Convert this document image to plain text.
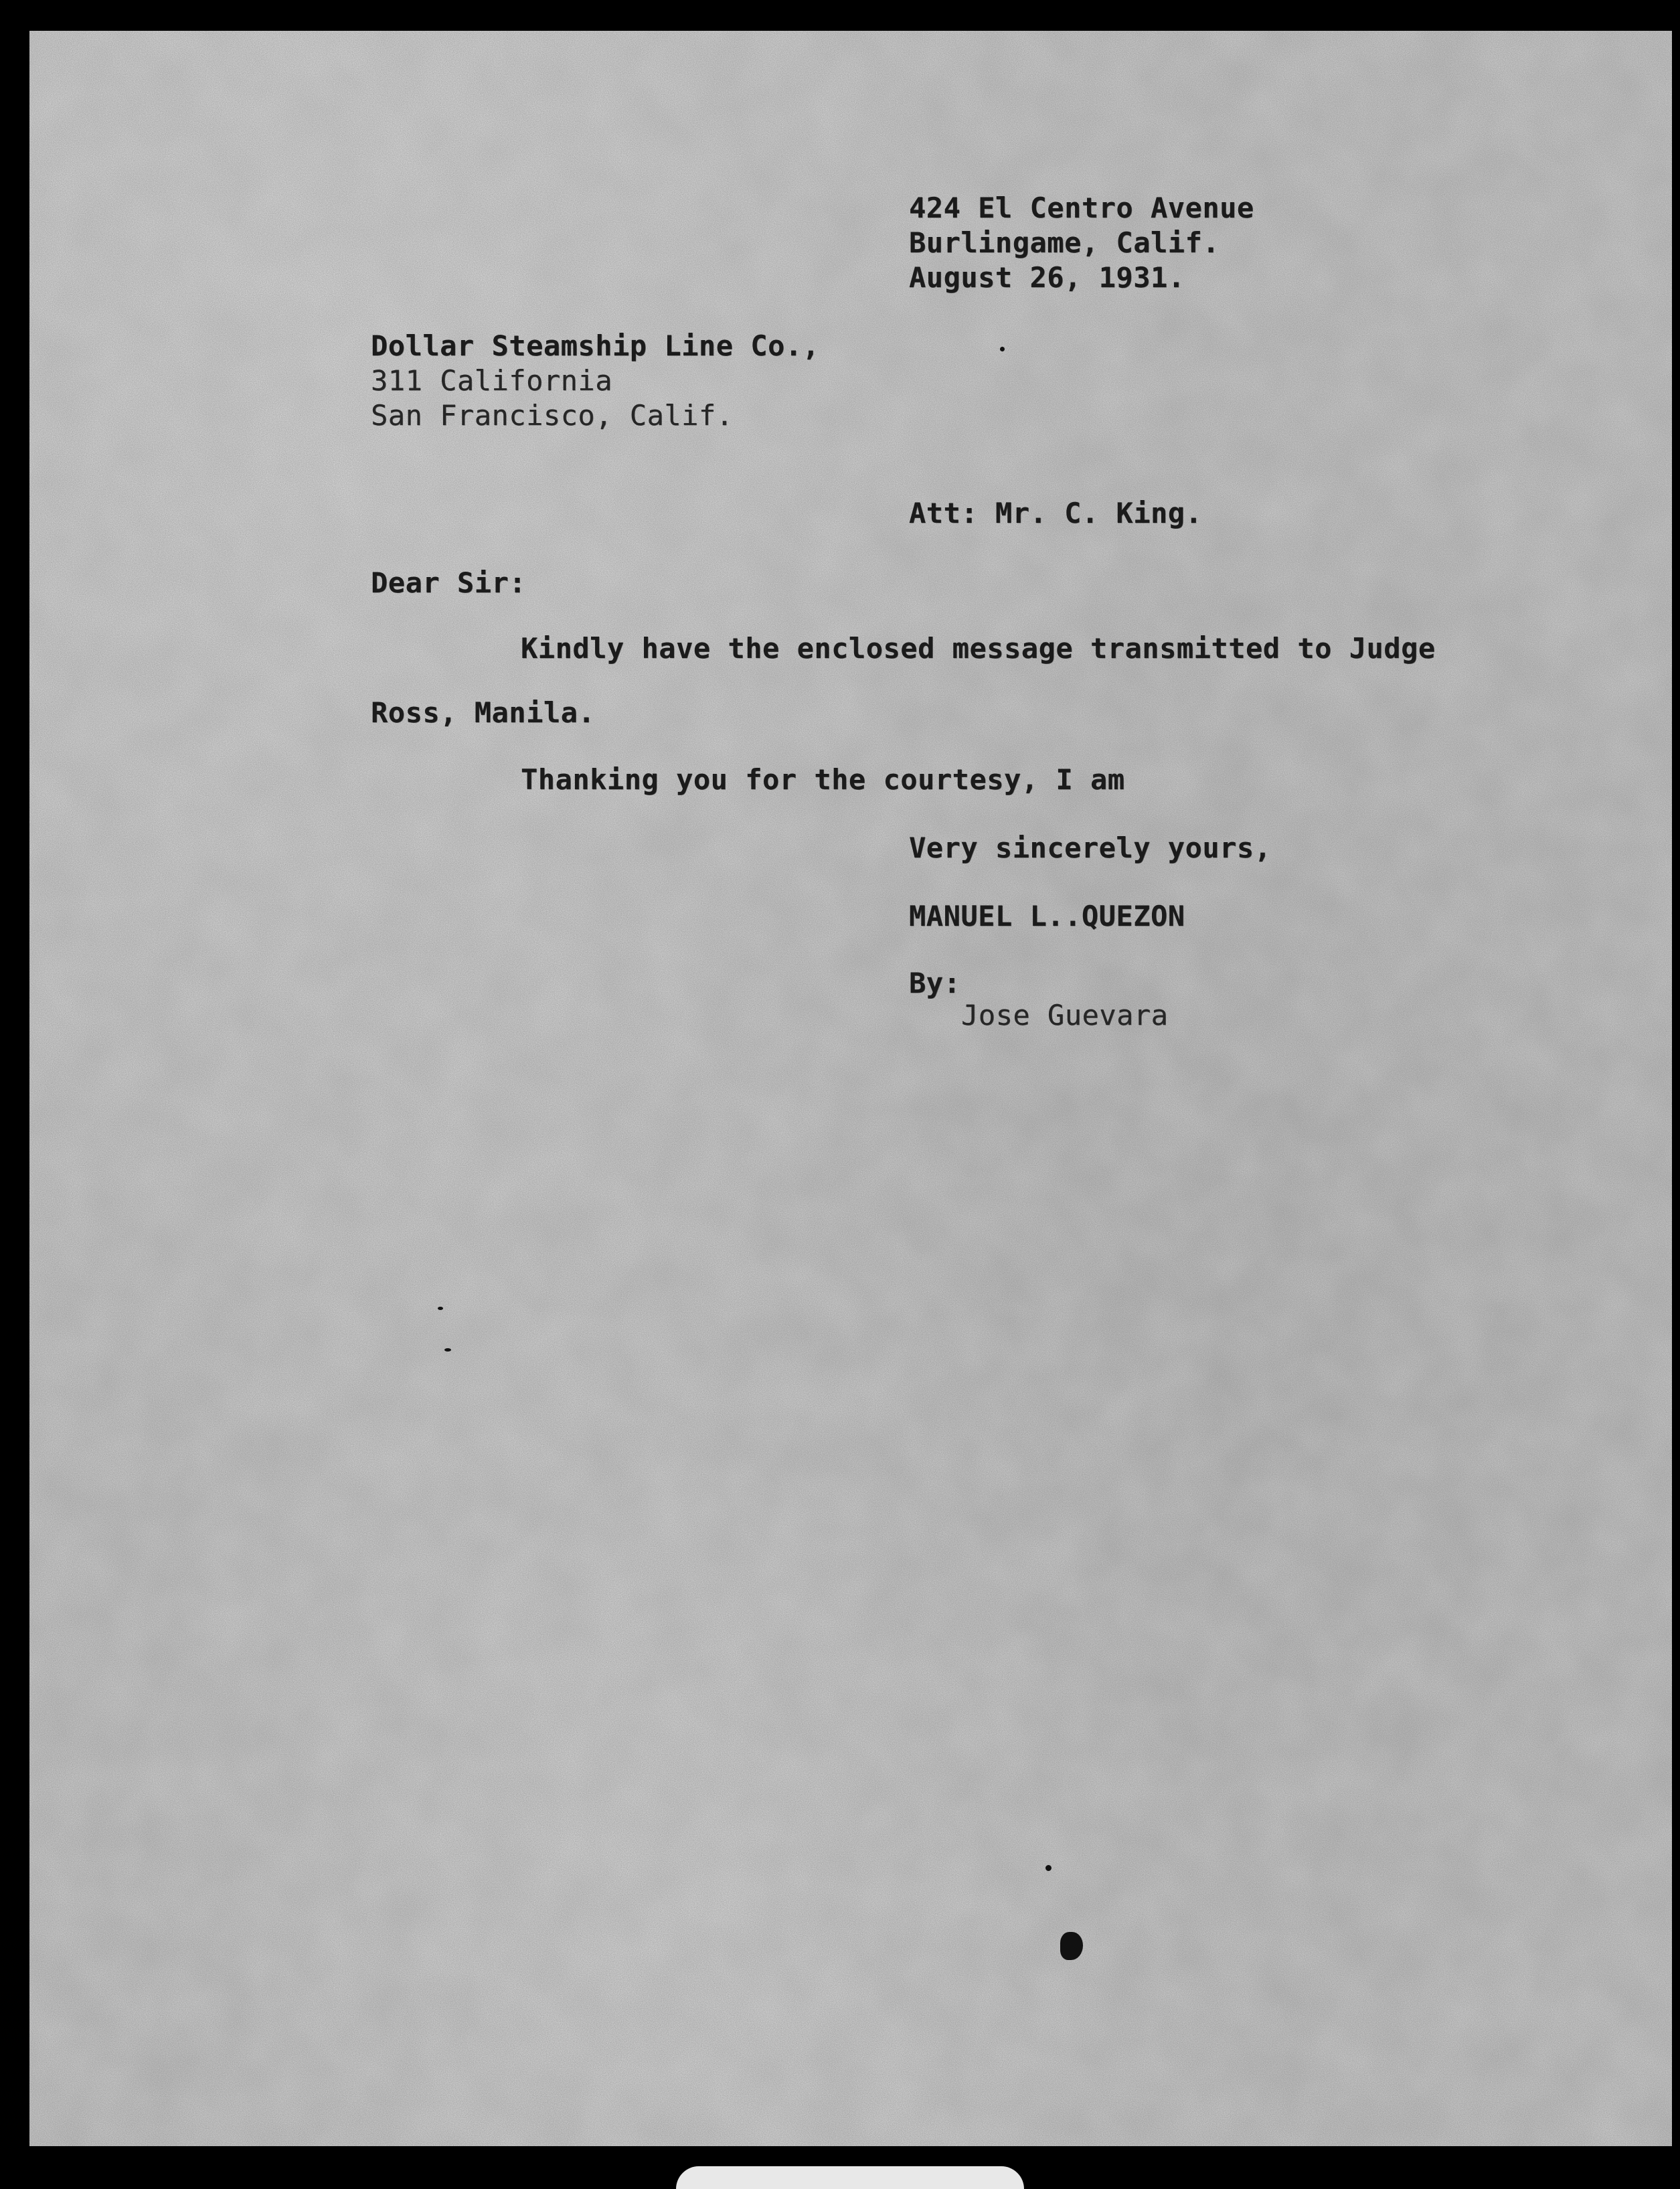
424 El Centro Avenue
Burlingame, Calif.
August 26, 1931.
Dollar Steamship Line Co.,
311 California
San Francisco, Calif.
Att: Mr. C. King.
Dear Sir:
Kindly have the enclosed message transmitted to Judge
Ross, Manila.
Thanking you for the courtesy, I am
Very sincerely yours,
MANUEL L..QUEZON
By:
Jose Guevara
